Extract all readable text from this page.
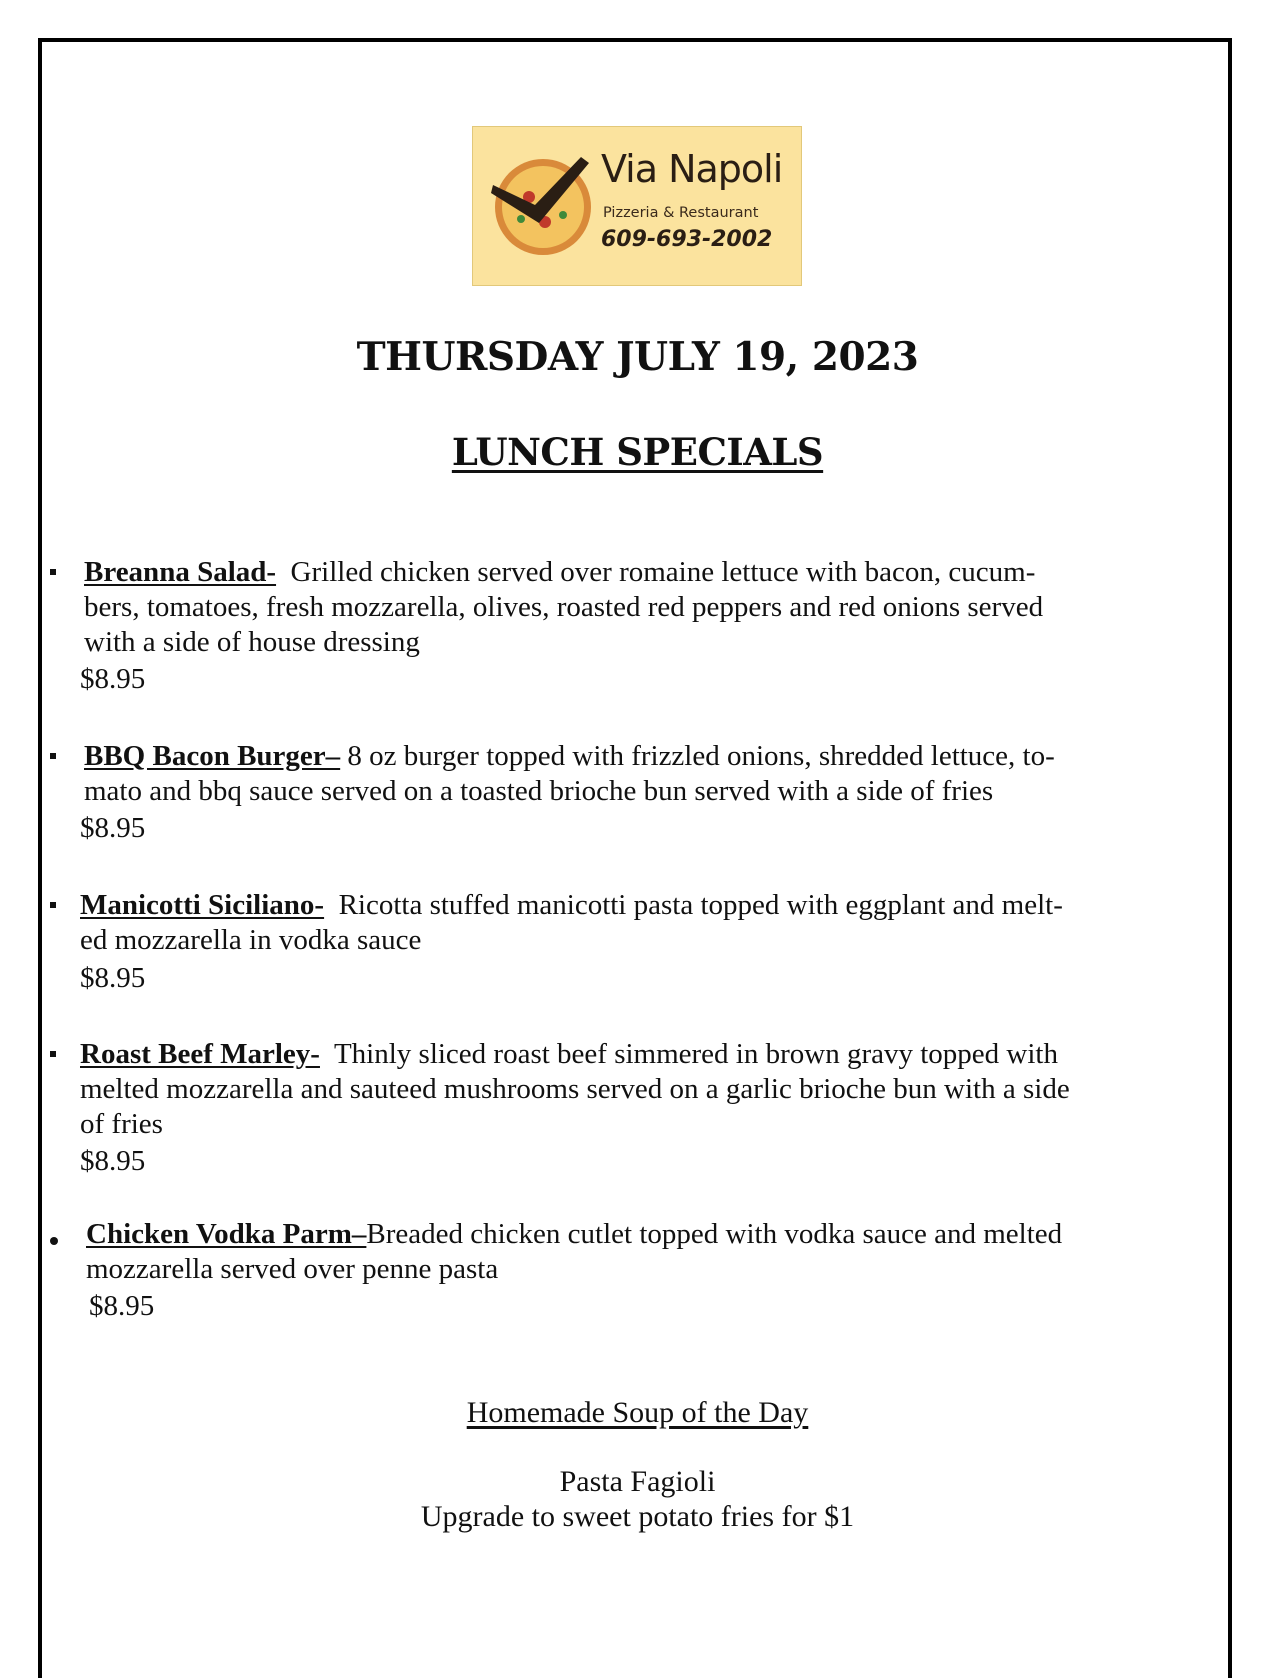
Via Napoli
Pizzeria & Restaurant
609-693-2002
THURSDAY JULY 19, 2023
LUNCH SPECIALS
Breanna Salad- Grilled chicken served over romaine lettuce with bacon, cucum-
bers, tomatoes, fresh mozzarella, olives, roasted red peppers and red onions served
with a side of house dressing
$8.95
BBQ Bacon Burger– 8 oz burger topped with frizzled onions, shredded lettuce, to-
mato and bbq sauce served on a toasted brioche bun served with a side of fries
$8.95
Manicotti Siciliano- Ricotta stuffed manicotti pasta topped with eggplant and melt-
ed mozzarella in vodka sauce
$8.95
Roast Beef Marley- Thinly sliced roast beef simmered in brown gravy topped with
melted mozzarella and sauteed mushrooms served on a garlic brioche bun with a side
of fries
$8.95
Chicken Vodka Parm–Breaded chicken cutlet topped with vodka sauce and melted
mozzarella served over penne pasta
$8.95
Homemade Soup of the Day
Pasta Fagioli
Upgrade to sweet potato fries for $1
